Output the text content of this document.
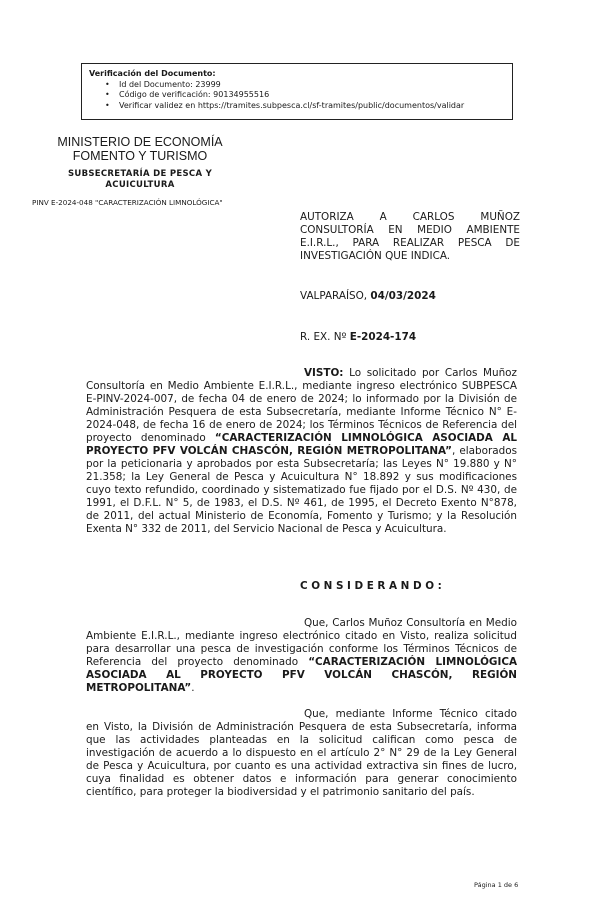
Verificación del Documento:
• Id del Documento: 23999
• Código de verificación: 90134955516
• Verificar validez en https://tramites.subpesca.cl/sf-tramites/public/documentos/validar
MINISTERIO DE ECONOMÍA
FOMENTO Y TURISMO
SUBSECRETARÍA DE PESCA Y
ACUICULTURA
PINV E-2024-048 "CARACTERIZACIÓN LIMNOLÓGICA"
AUTORIZA A CARLOS MUÑOZ CONSULTORÍA EN MEDIO AMBIENTE E.I.R.L., PARA REALIZAR PESCA DE INVESTIGACIÓN QUE INDICA.
VALPARAÍSO, 04/03/2024
R. EX. Nº E-2024-174
VISTO: Lo solicitado por Carlos Muñoz Consultoría en Medio Ambiente E.I.R.L., mediante ingreso electrónico SUBPESCA E-PINV-2024-007, de fecha 04 de enero de 2024; lo informado por la División de Administración Pesquera de esta Subsecretaría, mediante Informe Técnico N° E-2024-048, de fecha 16 de enero de 2024; los Términos Técnicos de Referencia del proyecto denominado “CARACTERIZACIÓN LIMNOLÓGICA ASOCIADA AL PROYECTO PFV VOLCÁN CHASCÓN, REGIÓN METROPOLITANA”, elaborados por la peticionaria y aprobados por esta Subsecretaría; las Leyes N° 19.880 y N° 21.358; la Ley General de Pesca y Acuicultura N° 18.892 y sus modificaciones cuyo texto refundido, coordinado y sistematizado fue fijado por el D.S. Nº 430, de 1991, el D.F.L. N° 5, de 1983, el D.S. Nº 461, de 1995, el Decreto Exento N°878, de 2011, del actual Ministerio de Economía, Fomento y Turismo; y la Resolución Exenta N° 332 de 2011, del Servicio Nacional de Pesca y Acuicultura.
CONSIDERANDO:
Que, Carlos Muñoz Consultoría en Medio Ambiente E.I.R.L., mediante ingreso electrónico citado en Visto, realiza solicitud para desarrollar una pesca de investigación conforme los Términos Técnicos de Referencia del proyecto denominado “CARACTERIZACIÓN LIMNOLÓGICA ASOCIADA AL PROYECTO PFV VOLCÁN CHASCÓN, REGIÓN METROPOLITANA”.
Que, mediante Informe Técnico citado en Visto, la División de Administración Pesquera de esta Subsecretaría, informa que las actividades planteadas en la solicitud califican como pesca de investigación de acuerdo a lo dispuesto en el artículo 2° N° 29 de la Ley General de Pesca y Acuicultura, por cuanto es una actividad extractiva sin fines de lucro, cuya finalidad es obtener datos e información para generar conocimiento científico, para proteger la biodiversidad y el patrimonio sanitario del país.
Página 1 de 6
